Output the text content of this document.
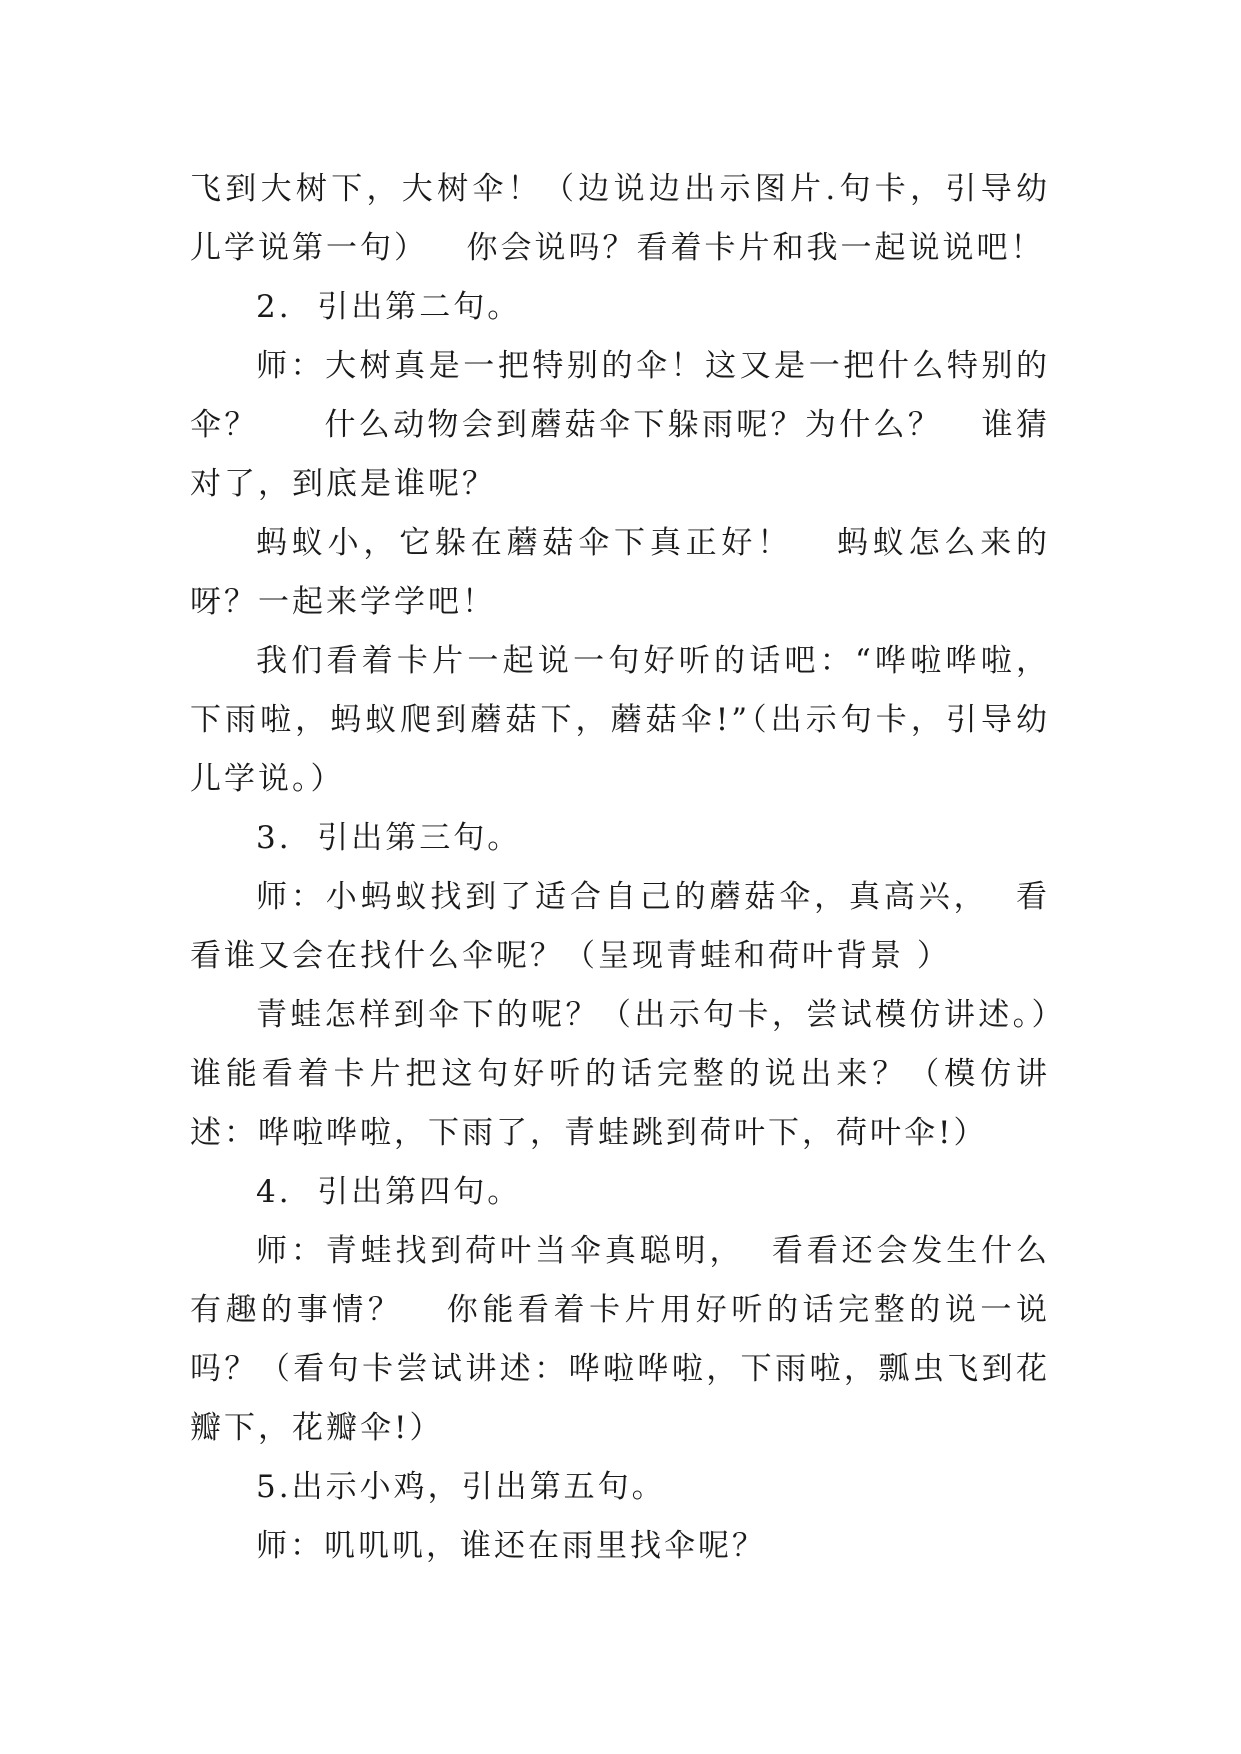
飞到大树下，大树伞！（边说边出示图片.句卡，引导幼儿学说第一句）   你会说吗？看着卡片和我一起说说吧！

2.  引出第二句。

师：大树真是一把特别的伞！这又是一把什么特别的伞？     什么动物会到蘑菇伞下躲雨呢？为什么？   谁猜对了，到底是谁呢？

蚂蚁小，它躲在蘑菇伞下真正好！   蚂蚁怎么来的呀？一起来学学吧！

我们看着卡片一起说一句好听的话吧：“哗啦哗啦，下雨啦，蚂蚁爬到蘑菇下，蘑菇伞!”（出示句卡，引导幼儿学说。）

3.  引出第三句。

师：小蚂蚁找到了适合自己的蘑菇伞，真高兴，  看看谁又会在找什么伞呢？（呈现青蛙和荷叶背景 ）

青蛙怎样到伞下的呢？（出示句卡，尝试模仿讲述。）谁能看着卡片把这句好听的话完整的说出来？（模仿讲述：哗啦哗啦，下雨了，青蛙跳到荷叶下，荷叶伞!）

4.  引出第四句。

师：青蛙找到荷叶当伞真聪明，  看看还会发生什么有趣的事情？   你能看着卡片用好听的话完整的说一说吗？（看句卡尝试讲述：哗啦哗啦，下雨啦，瓢虫飞到花瓣下，花瓣伞!）

5.出示小鸡，引出第五句。

师：叽叽叽，谁还在雨里找伞呢？
